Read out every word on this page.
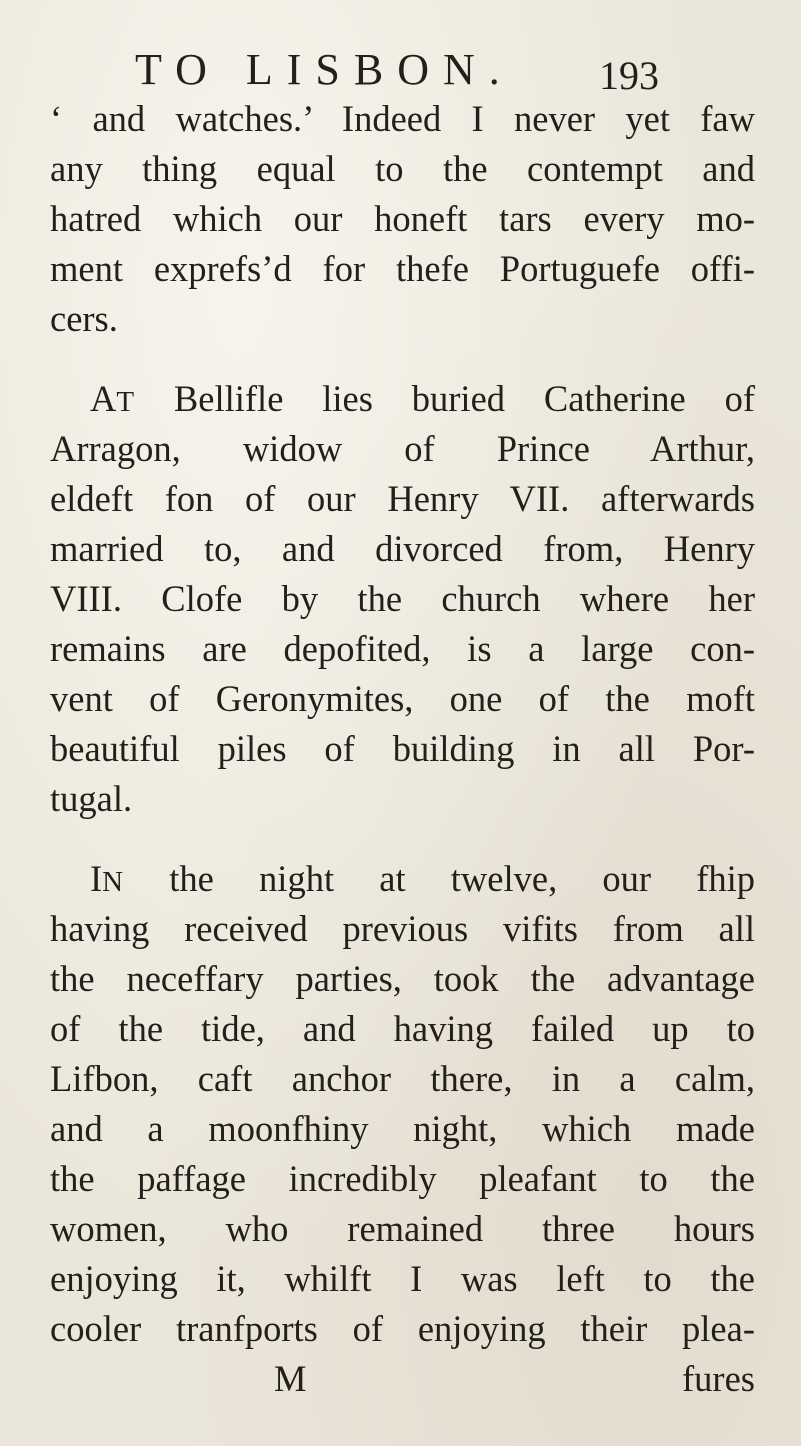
TO LISBON. 193
‘ and watches.’ Indeed I never yet faw
any thing equal to the contempt and
hatred which our honeft tars every mo-
ment exprefs’d for thefe Portuguefe offi-
cers.
AT Bellifle lies buried Catherine of
Arragon, widow of Prince Arthur,
eldeft fon of our Henry VII. afterwards
married to, and divorced from, Henry
VIII. Clofe by the church where her
remains are depofited, is a large con-
vent of Geronymites, one of the moft
beautiful piles of building in all Por-
tugal.
IN the night at twelve, our fhip
having received previous vifits from all
the neceffary parties, took the advantage
of the tide, and having failed up to
Lifbon, caft anchor there, in a calm,
and a moonfhiny night, which made
the paffage incredibly pleafant to the
women, who remained three hours
enjoying it, whilft I was left to the
cooler tranfports of enjoying their plea-
M	fures
